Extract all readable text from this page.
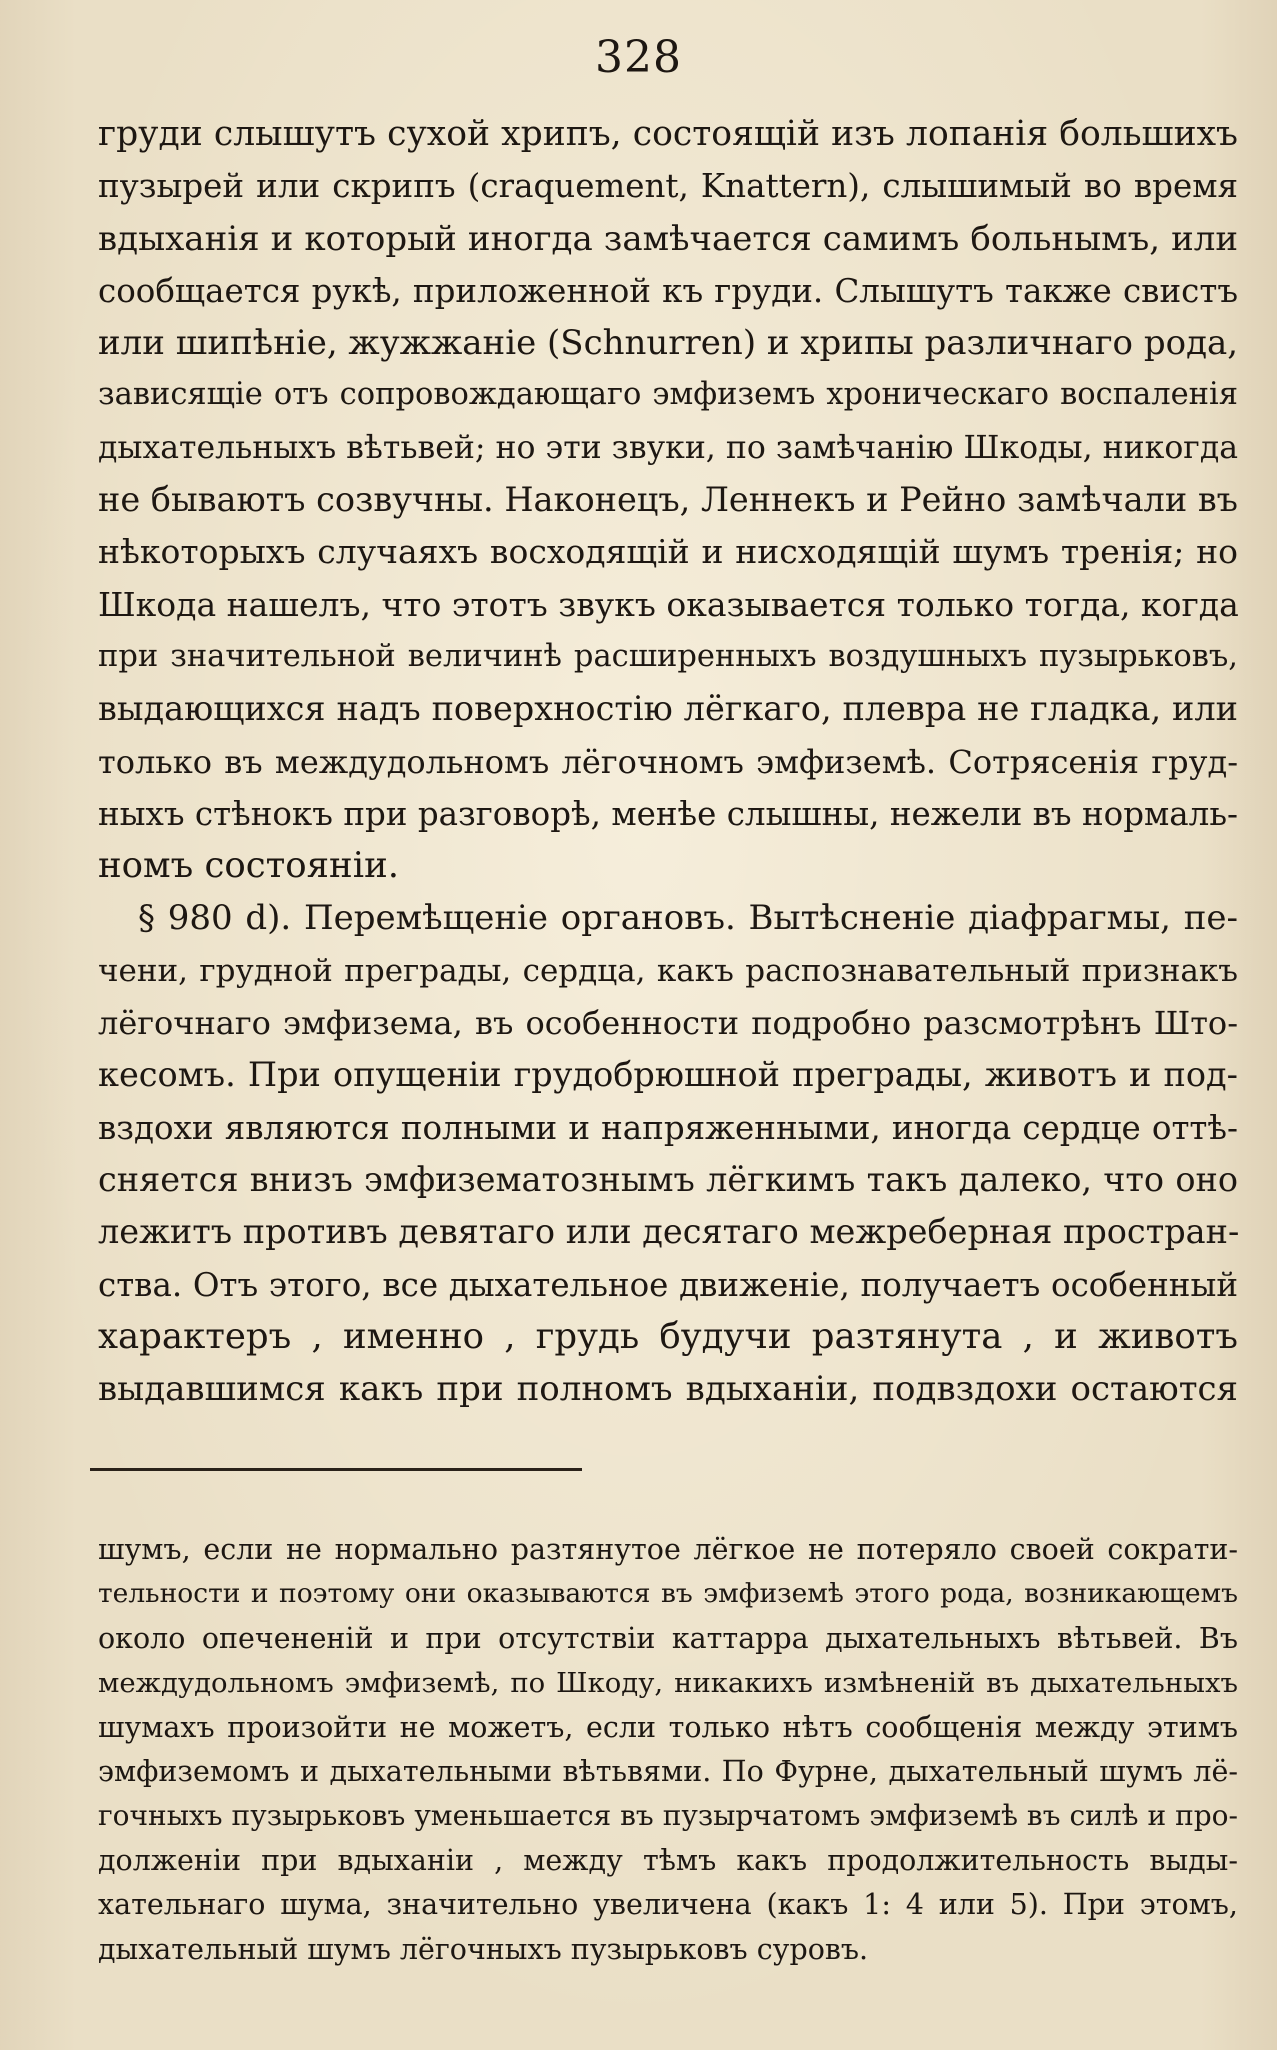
328
груди слышутъ сухой хрипъ, состоящій изъ лопанія большихъ
пузырей или скрипъ (craquement, Knattern), слышимый во время
вдыханія и который иногда замѣчается самимъ больнымъ, или
сообщается рукѣ, приложенной къ груди. Слышутъ также свистъ
или шипѣніе, жужжаніе (Schnurren) и хрипы различнаго рода,
зависящіе отъ сопровождающаго эмфиземъ хроническаго воспаленія
дыхательныхъ вѣтьвей; но эти звуки, по замѣчанію Шкоды, никогда
не бываютъ созвучны. Наконецъ, Леннекъ и Рейно замѣчали въ
нѣкоторыхъ случаяхъ восходящій и нисходящій шумъ тренія; но
Шкода нашелъ, что этотъ звукъ оказывается только тогда, когда
при значительной величинѣ расширенныхъ воздушныхъ пузырьковъ,
выдающихся надъ поверхностію лёгкаго, плевра не гладка, или
только въ междудольномъ лёгочномъ эмфиземѣ. Сотрясенія груд-
ныхъ стѣнокъ при разговорѣ, менѣе слышны, нежели въ нормаль-
номъ состояніи.
§ 980 d). Перемѣщеніе органовъ. Вытѣсненіе діафрагмы, пе-
чени, грудной преграды, сердца, какъ распознавательный признакъ
лёгочнаго эмфизема, въ особенности подробно разсмотрѣнъ Што-
кесомъ. При опущеніи грудобрюшной преграды, животъ и под-
вздохи являются полными и напряженными, иногда сердце оттѣ-
сняется внизъ эмфизематознымъ лёгкимъ такъ далеко, что оно
лежитъ противъ девятаго или десятаго межреберная простран-
ства. Отъ этого, все дыхательное движеніе, получаетъ особенный
характеръ , именно , грудь будучи разтянута , и животъ
выдавшимся какъ при полномъ вдыханіи, подвздохи остаются
шумъ, если не нормально разтянутое лёгкое не потеряло своей сократи-
тельности и поэтому они оказываются въ эмфиземѣ этого рода, возникающемъ
около опечененій и при отсутствіи каттарра дыхательныхъ вѣтьвей. Въ
междудольномъ эмфиземѣ, по Шкоду, никакихъ измѣненій въ дыхательныхъ
шумахъ произойти не можетъ, если только нѣтъ сообщенія между этимъ
эмфиземомъ и дыхательными вѣтьвями. По Фурне, дыхательный шумъ лё-
гочныхъ пузырьковъ уменьшается въ пузырчатомъ эмфиземѣ въ силѣ и про-
долженіи при вдыханіи , между тѣмъ какъ продолжительность выды-
хательнаго шума, значительно увеличена (какъ 1: 4 или 5). При этомъ,
дыхательный шумъ лёгочныхъ пузырьковъ суровъ.
